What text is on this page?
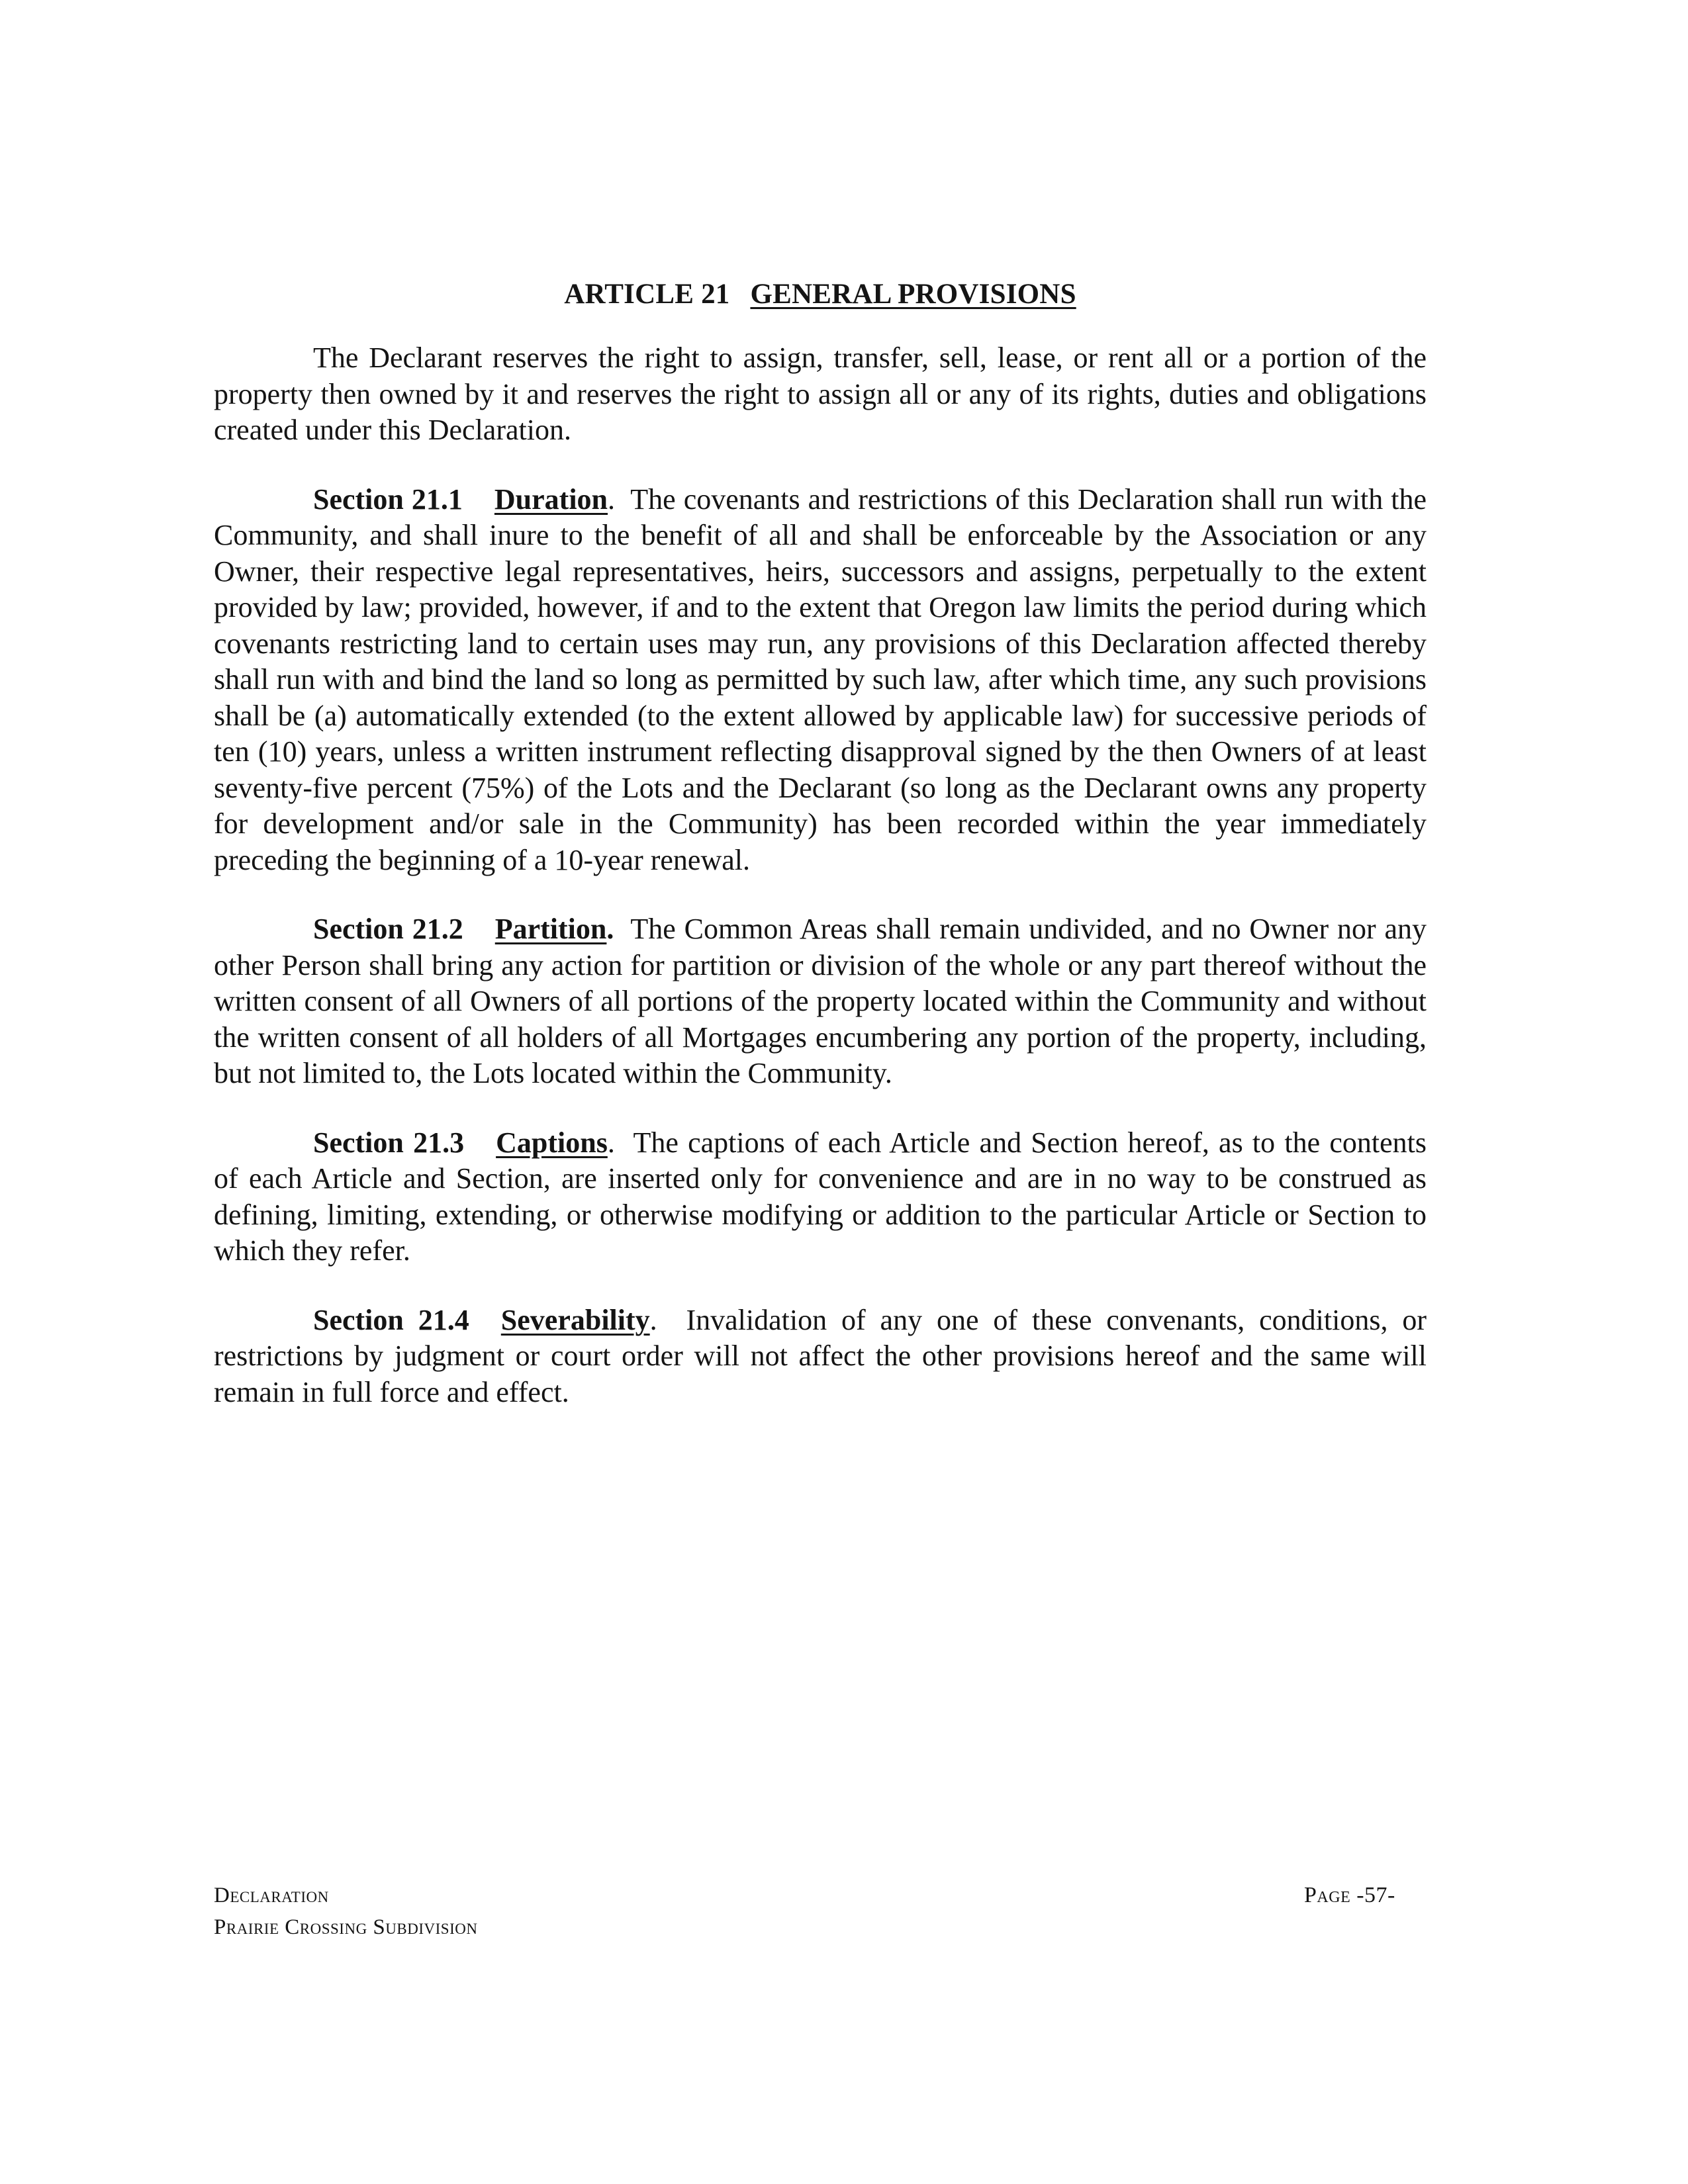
ARTICLE 21 GENERAL PROVISIONS

The Declarant reserves the right to assign, transfer, sell, lease, or rent all or a portion of the property then owned by it and reserves the right to assign all or any of its rights, duties and obligations created under this Declaration.

Section 21.1 Duration. The covenants and restrictions of this Declaration shall run with the Community, and shall inure to the benefit of all and shall be enforceable by the Association or any Owner, their respective legal representatives, heirs, successors and assigns, perpetually to the extent provided by law; provided, however, if and to the extent that Oregon law limits the period during which covenants restricting land to certain uses may run, any provisions of this Declaration affected thereby shall run with and bind the land so long as permitted by such law, after which time, any such provisions shall be (a) automatically extended (to the extent allowed by applicable law) for successive periods of ten (10) years, unless a written instrument reflecting disapproval signed by the then Owners of at least seventy-five percent (75%) of the Lots and the Declarant (so long as the Declarant owns any property for development and/or sale in the Community) has been recorded within the year immediately preceding the beginning of a 10-year renewal.

Section 21.2 Partition. The Common Areas shall remain undivided, and no Owner nor any other Person shall bring any action for partition or division of the whole or any part thereof without the written consent of all Owners of all portions of the property located within the Community and without the written consent of all holders of all Mortgages encumbering any portion of the property, including, but not limited to, the Lots located within the Community.

Section 21.3 Captions. The captions of each Article and Section hereof, as to the contents of each Article and Section, are inserted only for convenience and are in no way to be construed as defining, limiting, extending, or otherwise modifying or addition to the particular Article or Section to which they refer.

Section 21.4 Severability. Invalidation of any one of these convenants, conditions, or restrictions by judgment or court order will not affect the other provisions hereof and the same will remain in full force and effect.

Declaration
Prairie Crossing Subdivision
Page -57-
